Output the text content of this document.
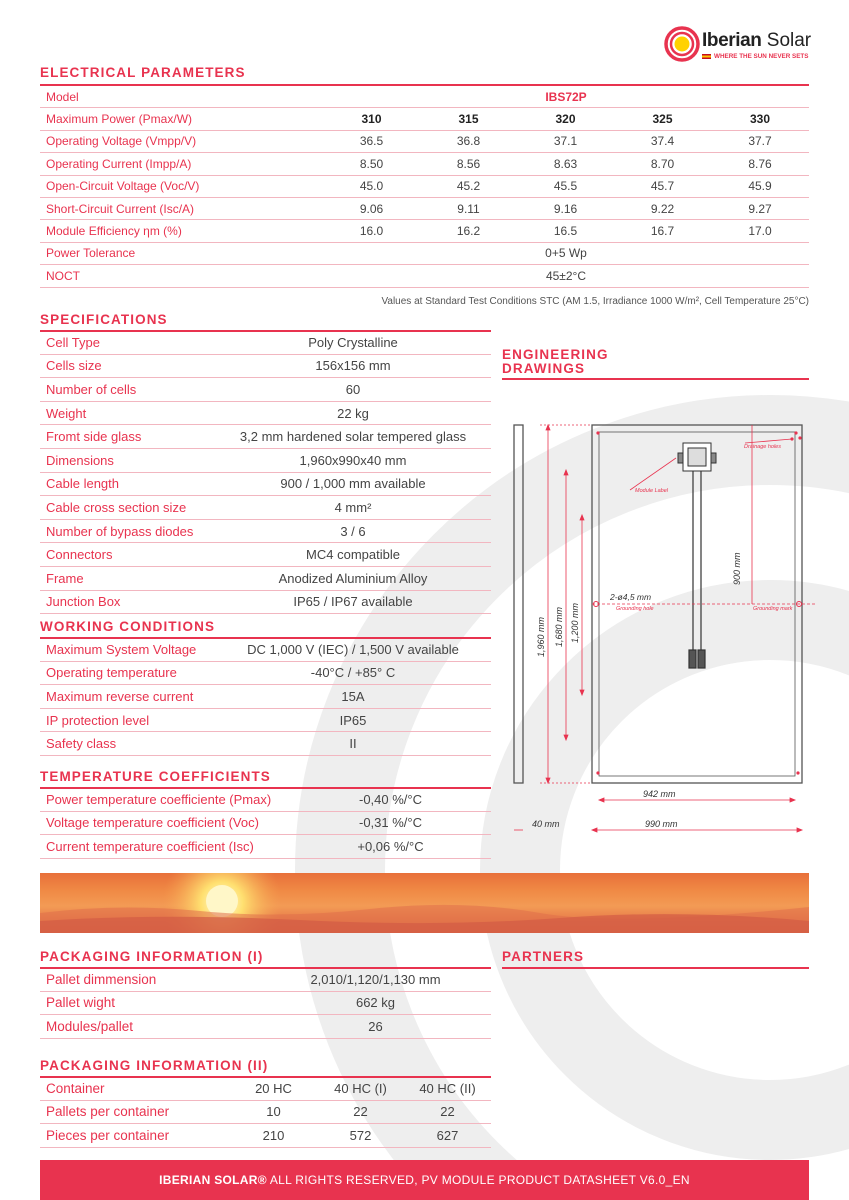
Iberian Solar
WHERE THE SUN NEVER SETS
ELECTRICAL PARAMETERS
Model	IBS72P				
Maximum Power (Pmax/W)	310	315	320	325	330
Operating Voltage (Vmpp/V)	36.5	36.8	37.1	37.4	37.7
Operating Current (Impp/A)	8.50	8.56	8.63	8.70	8.76
Open-Circuit Voltage (Voc/V)	45.0	45.2	45.5	45.7	45.9
Short-Circuit Current (Isc/A)	9.06	9.11	9.16	9.22	9.27
Module Efficiency ηm (%)	16.0	16.2	16.5	16.7	17.0
Power Tolerance	0+5 Wp				
NOCT	45±2°C				
Values at Standard Test Conditions STC (AM 1.5, Irradiance 1000 W/m², Cell Temperature 25°C)
SPECIFICATIONS
Cell Type	Poly Crystalline
Cells size	156x156 mm
Number of cells	60
Weight	22 kg
Fromt side glass	3,2 mm hardened solar tempered glass
Dimensions	1,960x990x40 mm
Cable length	900 / 1,000 mm available
Cable cross section size	4 mm²
Number of bypass diodes	3 / 6
Connectors	MC4 compatible
Frame	Anodized Aluminium Alloy
Junction Box	IP65 / IP67 available
WORKING CONDITIONS
Maximum System Voltage	DC 1,000 V (IEC) / 1,500 V available
Operating temperature	-40°C / +85° C
Maximum reverse current	15A
IP protection level	IP65
Safety class	II
TEMPERATURE COEFFICIENTS
Power temperature coefficiente (Pmax)	-0,40 %/°C
Voltage temperature coefficient (Voc)	-0,31 %/°C
Current temperature coefficient (Isc)	+0,06 %/°C
ENGINEERING
DRAWINGS
Drainage holes
Module Label
2-ø4,5 mm
Grounding hole	Grounding mark
900 mm
1,960 mm 1,680 mm 1,200 mm
942 mm
990 mm
40 mm
PACKAGING INFORMATION (I)
Pallet dimmension	2,010/1,120/1,130 mm
Pallet wight	662 kg
Modules/pallet	26
PARTNERS
PACKAGING INFORMATION (II)
Container	20 HC	40 HC (I)	40 HC (II)
Pallets per container	10	22	22
Pieces per container	210	572	627
IBERIAN SOLAR® ALL RIGHTS RESERVED, PV MODULE PRODUCT DATASHEET V6.0_EN
